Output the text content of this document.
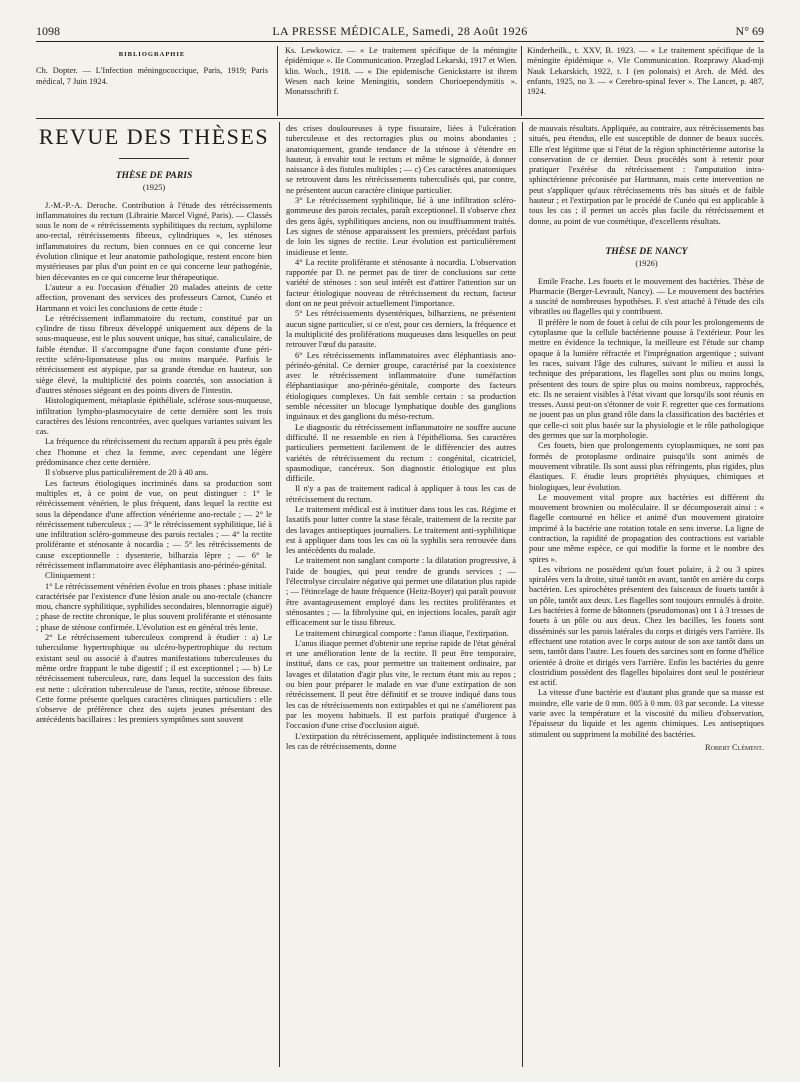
1098	LA PRESSE MÉDICALE, Samedi, 28 Août 1926	N° 69
BIBLIOGRAPHIE

Ch. Dopter. — L'Infection méningococcique, Paris, 1919; Paris médical, 7 Juin 1924.

Ks. Lewkowicz. — « Le traitement spécifique de la méningite épidémique ». IIe Communication. Przeglad Lekarski, 1917 et Wien. klin. Woch., 1918. — « Die epidemische Genickstarre ist ihrem Wesen nach keine Meningitis, sondern Chorioependymitis ». Monatsschrift f.

Kinderheilk., t. XXV, B. 1923. — « Le traitement spécifique de la méningite épidémique ». VIe Communication. Rozprawy Akad-mji Nauk Lekarskich, 1922, t. I (en polonais) et Arch. de Méd. des enfants, 1925, no 3. — « Cerebro-spinal fever ». The Lancet, p. 487, 1924.

REVUE DES THÈSES
THÈSE DE PARIS
(1925)

J.-M.-P.-A. Deroche. Contribution à l'étude des rétrécissements inflammatoires du rectum (Librairie Marcel Vigné, Paris). — Classés sous le nom de « rétrécissements syphilitiques du rectum, syphilome ano-rectal, rétrécissements fibreux, cylindriques », les sténoses inflammatoires du rectum, bien connues en ce qui concerne leur évolution clinique et leur anatomie pathologique, restent encore bien mystérieuses par plus d'un point en ce qui concerne leur pathogénie, bien décevantes en ce qui concerne leur thérapeutique.

L'auteur a eu l'occasion d'étudier 20 malades atteints de cette affection, provenant des services des professeurs Carnot, Cunéo et Hartmann et voici les conclusions de cette étude :

Le rétrécissement inflammatoire du rectum, constitué par un cylindre de tissu fibreux développé uniquement aux dépens de la sous-muqueuse, est le plus souvent unique, bas situé, canaliculaire, de faible étendue. Il s'accompagne d'une façon constante d'une péri-rectite scléro-lipomateuse plus ou moins marquée. Parfois le rétrécissement est atypique, par sa grande étendue en hauteur, son siège élevé, la multiplicité des points coarctés, son association à d'autres sténoses siégeant en des points divers de l'intestin.

Histologiquement, métaplasie épithéliale, sclérose sous-muqueuse, infiltration lympho-plasmocytaire de cette dernière sont les trois caractères des lésions rencontrées, avec quelques variantes suivant les cas.

La fréquence du rétrécissement du rectum apparaît à peu près égale chez l'homme et chez la femme, avec cependant une légère prédominance chez cette dernière.

Il s'observe plus particulièrement de 20 à 40 ans.

Les facteurs étiologiques incriminés dans sa production sont multiples et, à ce point de vue, on peut distinguer : 1° le rétrécissement vénérien, le plus fréquent, dans lequel la rectite est sous la dépendance d'une affection vénérienne ano-rectale ; — 2° le rétrécissement tuberculeux ; — 3° le rétrécissement syphilitique, lié à une infiltration scléro-gommeuse des parois rectales ; — 4° la rectite proliférante et sténosante à nocardia ; — 5° les rétrécissements de cause exceptionnelle : dysenterie, bilharzia lèpre ; — 6° le rétrécissement inflammatoire avec éléphantiasis ano-périnéo-génital.

Cliniquement :

1° Le rétrécissement vénérien évolue en trois phases : phase initiale caractérisée par l'existence d'une lésion anale ou ano-rectale (chancre mou, chancre syphilitique, syphilides secondaires, blennorragie aiguë) ; phase de rectite chronique, le plus souvent proliférante et sténosante ; phase de sténose confirmée. L'évolution est en général très lente.

2° Le rétrécissement tuberculeux comprend à étudier : a) Le tuberculome hypertrophique ou ulcéro-hypertrophique du rectum existant seul ou associé à d'autres manifestations tuberculeuses du même ordre frappant le tube digestif ; il est exceptionnel ; — b) Le rétrécissement tuberculeux, rare, dans lequel la succession des faits est nette : ulcération tuberculeuse de l'anus, rectite, sténose fibreuse. Cette forme présente quelques caractères cliniques particuliers : elle s'observe de préférence chez des sujets jeunes présentant des antécédents bacillaires : les premiers symptômes sont souvent

des crises douloureuses à type fissuraire, liées à l'ulcération tuberculeuse et des rectorragies plus ou moins abondantes ; anatomiquement, grande tendance de la sténose à s'étendre en hauteur, à envahir tout le rectum et même le sigmoïde, à donner naissance à des fistules multiples ; — c) Ces caractères anatomiques se retrouvent dans les rétrécissements tuberculisés qui, par contre, ne présentent aucun caractère clinique particulier.

3° Le rétrécissement syphilitique, lié à une infiltration scléro-gommeuse des parois rectales, paraît exceptionnel. Il s'observe chez des gens âgés, syphilitiques anciens, non ou insuffisamment traités. Les signes de sténose apparaissent les premiers, précédant parfois de loin les signes de rectite. Leur évolution est particulièrement insidieuse et lente.

4° La rectite proliférante et sténosante à nocardia. L'observation rapportée par D. ne permet pas de tirer de conclusions sur cette variété de sténoses : son seul intérêt est d'attirer l'attention sur un facteur étiologique nouveau de rétrécissement du rectum, facteur dont on ne peut prévoir actuellement l'importance.

5° Les rétrécissements dysentériques, bilharziens, ne présentent aucun signe particulier, si ce n'est, pour ces derniers, la fréquence et la multiplicité des proliférations muqueuses dans lesquelles on peut retrouver l'œuf du parasite.

6° Les rétrécissements inflammatoires avec éléphantiasis ano-périnéo-génital. Ce dernier groupe, caractérisé par la coexistence avec le rétrécissement inflammatoire d'une tuméfaction éléphantiasique ano-périnéo-génitale, comporte des facteurs étiologiques complexes. Un fait semble certain : sa production semble nécessiter un blocage lymphatique double des ganglions inguinaux et des ganglions du méso-rectum.

Le diagnostic du rétrécissement inflammatoire ne souffre aucune difficulté. Il ne ressemble en rien à l'épithélioma. Ses caractères particuliers permettent facilement de le différencier des autres variétés de rétrécissement du rectum : congénital, cicatriciel, spasmodique, cancéreux. Son diagnostic étiologique est plus difficile.

Il n'y a pas de traitement radical à appliquer à tous les cas de rétrécissement du rectum.

Le traitement médical est à instituer dans tous les cas. Régime et laxatifs pour lutter contre la stase fécale, traitement de la rectite par des lavages antiseptiques journaliers. Le traitement anti-syphilitique est à appliquer dans tous les cas où la syphilis sera retrouvée dans les antécédents du malade.

Le traitement non sanglant comporte : la dilatation progressive, à l'aide de bougies, qui peut rendre de grands services ; — l'électrolyse circulaire négative qui permet une dilatation plus rapide ; — l'étincelage de haute fréquence (Heitz-Boyer) qui paraît pouvoir être avantageusement employé dans les rectites proliférantes et sténosantes ; — la fibrolysine qui, en injections locales, paraît agir efficacement sur le tissu fibreux.

Le traitement chirurgical comporte : l'anus iliaque, l'extirpation.

L'anus iliaque permet d'obtenir une reprise rapide de l'état général et une amélioration lente de la rectite. Il peut être temporaire, institué, dans ce cas, pour permettre un traitement ordinaire, par lavages et dilatation d'agir plus vite, le rectum étant mis au repos ; ou bien pour préparer le malade en vue d'une extirpation de son rétrécissement. Il peut être définitif et se trouve indiqué dans tous les cas de rétrécissements non extirpables et qui ne s'améliorent pas par les moyens habituels. Il est parfois pratiqué d'urgence à l'occasion d'une crise d'occlusion aiguë.

L'extirpation du rétrécissement, appliquée indistinctement à tous les cas de rétrécissements, donne

de mauvais résultats. Appliquée, au contraire, aux rétrécissements bas situés, peu étendus, elle est susceptible de donner de beaux succès. Elle n'est légitime que si l'état de la région sphinctérienne autorise la conservation de ce dernier. Deux procédés sont à retenir pour pratiquer l'exérèse du rétrécissement : l'amputation intra-sphinctérienne préconisée par Hartmann, mais cette intervention ne peut s'appliquer qu'aux rétrécissements très bas situés et de faible hauteur ; et l'extirpation par le procédé de Cunéo qui est applicable à tous les cas ; il permet un accès plus facile du rétrécissement et donne, au point de vue cosmétique, d'excellents résultats.

THÈSE DE NANCY
(1926)

Emile Frache. Les fouets et le mouvement des bactéries. Thèse de Pharmacie (Berger-Levrault, Nancy). — Le mouvement des bactéries a suscité de nombreuses hypothèses. F. s'est attaché à l'étude des cils vibratiles ou flagelles qui y contribuent.

Il préfère le nom de fouet à celui de cils pour les prolongements de cytoplasme que la cellule bactérienne pousse à l'extérieur. Pour les mettre en évidence la technique, la meilleure est l'étude sur champ opaque à la lumière réfractée et l'imprégnation argentique ; suivant les races, suivant l'âge des cultures, suivant le milieu et aussi la technique des préparations, les flagelles sont plus ou moins longs, présentent des tours de spire plus ou moins nombreux, rapprochés, etc. Ils ne seraient visibles à l'état vivant que lorsqu'ils sont réunis en tresses. Aussi peut-on s'étonner de voir F. regretter que ces formations ne jouent pas un plus grand rôle dans la classification des bactéries et que celle-ci soit plus basée sur la physiologie et le rôle pathologique des germes que sur la morphologie.

Ces fouets, bien que prolongements cytoplasmiques, ne sont pas formés de protoplasme ordinaire puisqu'ils sont animés de mouvement vibratile. Ils sont aussi plus réfringents, plus rigides, plus élastiques. F. étudie leurs propriétés physiques, chimiques et biologiques, leur évolution.

Le mouvement vital propre aux bactéries est différent du mouvement brownien ou moléculaire. Il se décomposerait ainsi : « flagelle contourné en hélice et animé d'un mouvement giratoire imprimé à la bactérie une rotation totale en sens inverse. La ligne de contraction, la rapidité de propagation des contractions est variable pour une même espèce, ce qui modifie la forme et le nombre des spires ».

Les vibrions ne possèdent qu'un fouet polaire, à 2 ou 3 spires spiralées vers la droite, situé tantôt en avant, tantôt en arrière du corps bactérien. Les spirochètes présentent des faisceaux de fouets tantôt à un pôle, tantôt aux deux. Les flagelles sont toujours enroulés à droite. Les bactéries à forme de bâtonnets (pseudomonas) ont 1 à 3 tresses de fouets à un pôle ou aux deux. Chez les bacilles, les fouets sont disséminés sur les parois latérales du corps et dirigés vers l'arrière. Ils effectuent une rotation avec le corps autour de son axe tantôt dans un sens, tantôt dans l'autre. Les fouets des sarcines sont en forme d'hélice orientée à droite et dirigés vers l'arrière. Enfin les bactéries du genre clostridium possèdent des flagelles bipolaires dont seul le postérieur est actif.

La vitesse d'une bactérie est d'autant plus grande que sa masse est moindre, elle varie de 0 mm. 005 à 0 mm. 03 par seconde. La vitesse varie avec la température et la viscosité du milieu d'observation, l'épaisseur du liquide et les agents chimiques. Les antiseptiques stimulent ou suppriment la mobilité des bactéries.

Robert Clément.
